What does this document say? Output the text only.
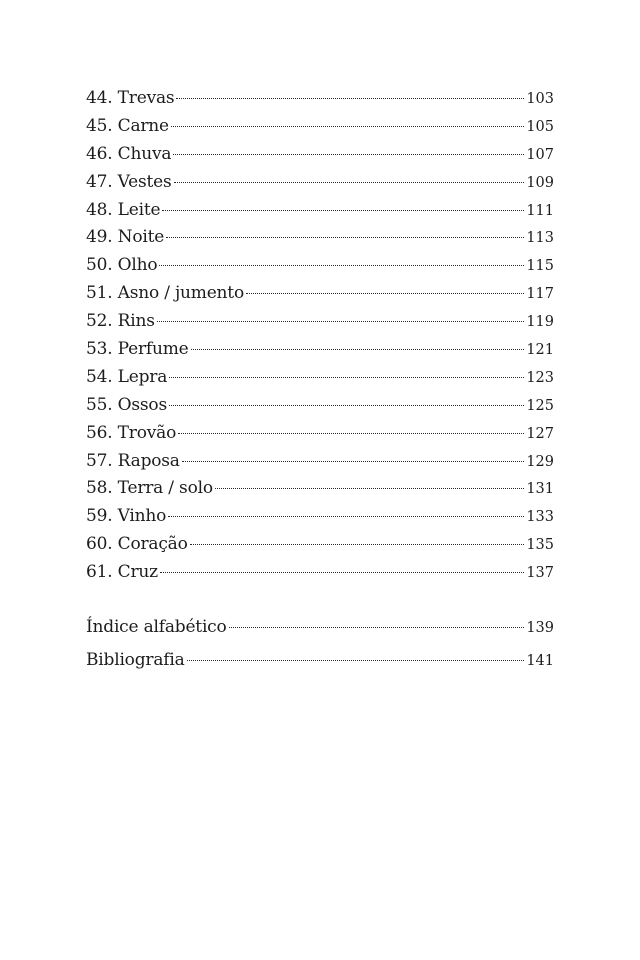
44. Trevas	103
45. Carne	105
46. Chuva	107
47. Vestes	109
48. Leite	111
49. Noite	113
50. Olho	115
51. Asno / jumento	117
52. Rins	119
53. Perfume	121
54. Lepra	123
55. Ossos	125
56. Trovão	127
57. Raposa	129
58. Terra / solo	131
59. Vinho	133
60. Coração	135
61. Cruz	137
Índice alfabético	139
Bibliografia	141
